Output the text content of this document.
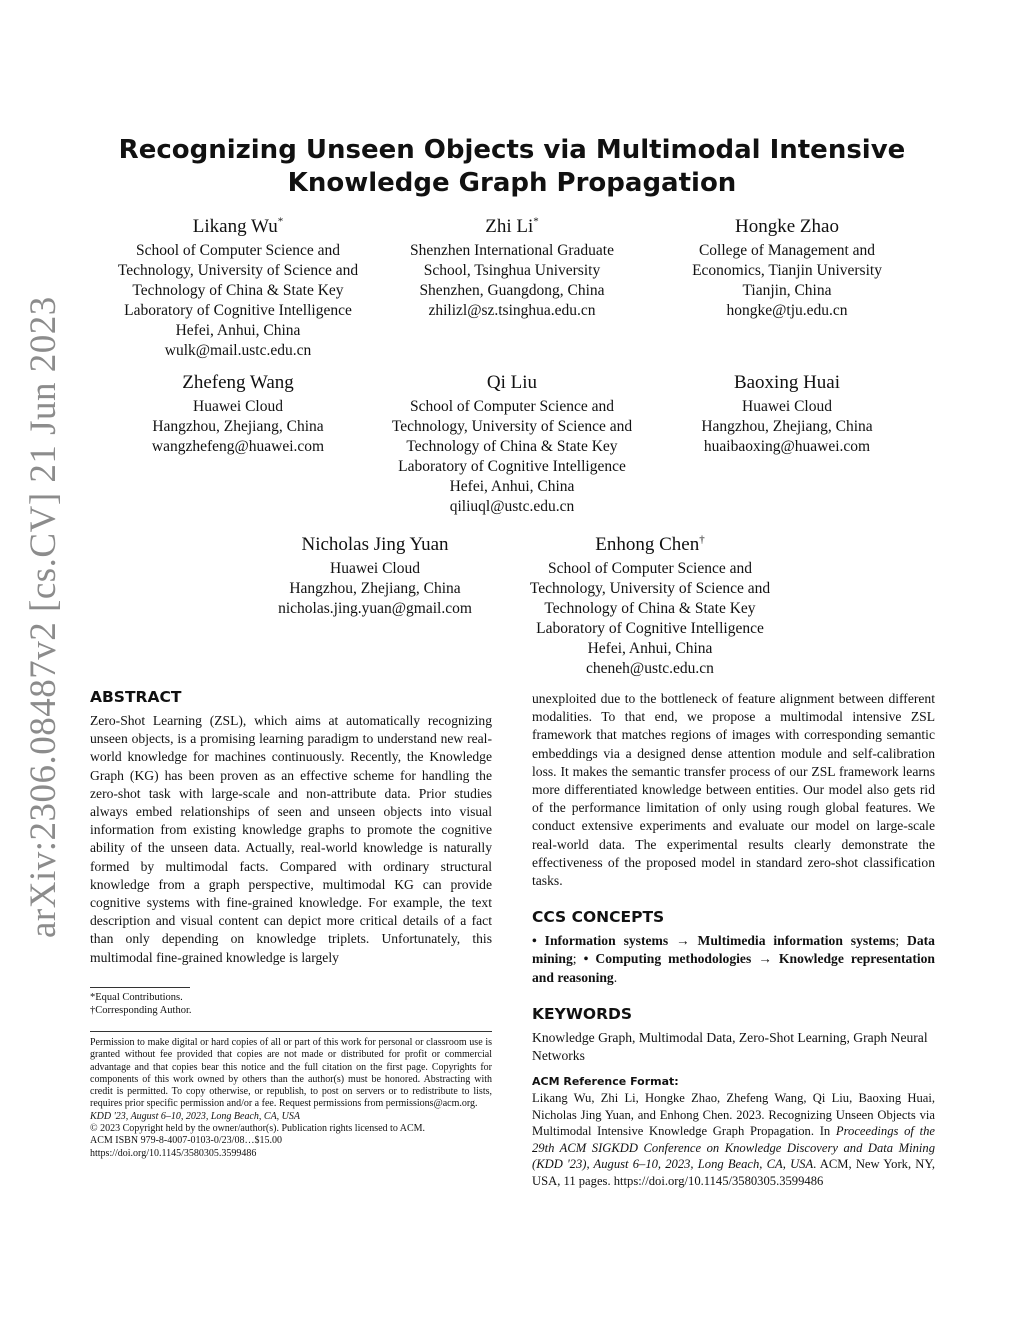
arXiv:2306.08487v2 [cs.CV] 21 Jun 2023
Recognizing Unseen Objects via Multimodal Intensive
Knowledge Graph Propagation
Likang Wu*
School of Computer Science and
Technology, University of Science and
Technology of China & State Key
Laboratory of Cognitive Intelligence
Hefei, Anhui, China
wulk@mail.ustc.edu.cn
Zhi Li*
Shenzhen International Graduate
School, Tsinghua University
Shenzhen, Guangdong, China
zhilizl@sz.tsinghua.edu.cn
Hongke Zhao
College of Management and
Economics, Tianjin University
Tianjin, China
hongke@tju.edu.cn
Zhefeng Wang
Huawei Cloud
Hangzhou, Zhejiang, China
wangzhefeng@huawei.com
Qi Liu
School of Computer Science and
Technology, University of Science and
Technology of China & State Key
Laboratory of Cognitive Intelligence
Hefei, Anhui, China
qiliuql@ustc.edu.cn
Baoxing Huai
Huawei Cloud
Hangzhou, Zhejiang, China
huaibaoxing@huawei.com
Nicholas Jing Yuan
Huawei Cloud
Hangzhou, Zhejiang, China
nicholas.jing.yuan@gmail.com
Enhong Chen†
School of Computer Science and
Technology, University of Science and
Technology of China & State Key
Laboratory of Cognitive Intelligence
Hefei, Anhui, China
cheneh@ustc.edu.cn
ABSTRACT

Zero-Shot Learning (ZSL), which aims at automatically recognizing unseen objects, is a promising learning paradigm to understand new real-world knowledge for machines continuously. Recently, the Knowledge Graph (KG) has been proven as an effective scheme for handling the zero-shot task with large-scale and non-attribute data. Prior studies always embed relationships of seen and unseen objects into visual information from existing knowledge graphs to promote the cognitive ability of the unseen data. Actually, real-world knowledge is naturally formed by multimodal facts. Compared with ordinary structural knowledge from a graph perspective, multimodal KG can provide cognitive systems with fine-grained knowledge. For example, the text description and visual content can depict more critical details of a fact than only depending on knowledge triplets. Unfortunately, this multimodal fine-grained knowledge is largely

*Equal Contributions.
†Corresponding Author.

Permission to make digital or hard copies of all or part of this work for personal or classroom use is granted without fee provided that copies are not made or distributed for profit or commercial advantage and that copies bear this notice and the full citation on the first page. Copyrights for components of this work owned by others than the author(s) must be honored. Abstracting with credit is permitted. To copy otherwise, or republish, to post on servers or to redistribute to lists, requires prior specific permission and/or a fee. Request permissions from permissions@acm.org.

KDD '23, August 6–10, 2023, Long Beach, CA, USA

© 2023 Copyright held by the owner/author(s). Publication rights licensed to ACM.

ACM ISBN 979-8-4007-0103-0/23/08…$15.00

https://doi.org/10.1145/3580305.3599486

unexploited due to the bottleneck of feature alignment between different modalities. To that end, we propose a multimodal intensive ZSL framework that matches regions of images with corresponding semantic embeddings via a designed dense attention module and self-calibration loss. It makes the semantic transfer process of our ZSL framework learns more differentiated knowledge between entities. Our model also gets rid of the performance limitation of only using rough global features. We conduct extensive experiments and evaluate our model on large-scale real-world data. The experimental results clearly demonstrate the effectiveness of the proposed model in standard zero-shot classification tasks.

CCS CONCEPTS

• Information systems → Multimedia information systems; Data mining; • Computing methodologies → Knowledge representation and reasoning.

KEYWORDS

Knowledge Graph, Multimodal Data, Zero-Shot Learning, Graph Neural Networks

ACM Reference Format:

Likang Wu, Zhi Li, Hongke Zhao, Zhefeng Wang, Qi Liu, Baoxing Huai, Nicholas Jing Yuan, and Enhong Chen. 2023. Recognizing Unseen Objects via Multimodal Intensive Knowledge Graph Propagation. In Proceedings of the 29th ACM SIGKDD Conference on Knowledge Discovery and Data Mining (KDD '23), August 6–10, 2023, Long Beach, CA, USA. ACM, New York, NY, USA, 11 pages. https://doi.org/10.1145/3580305.3599486
